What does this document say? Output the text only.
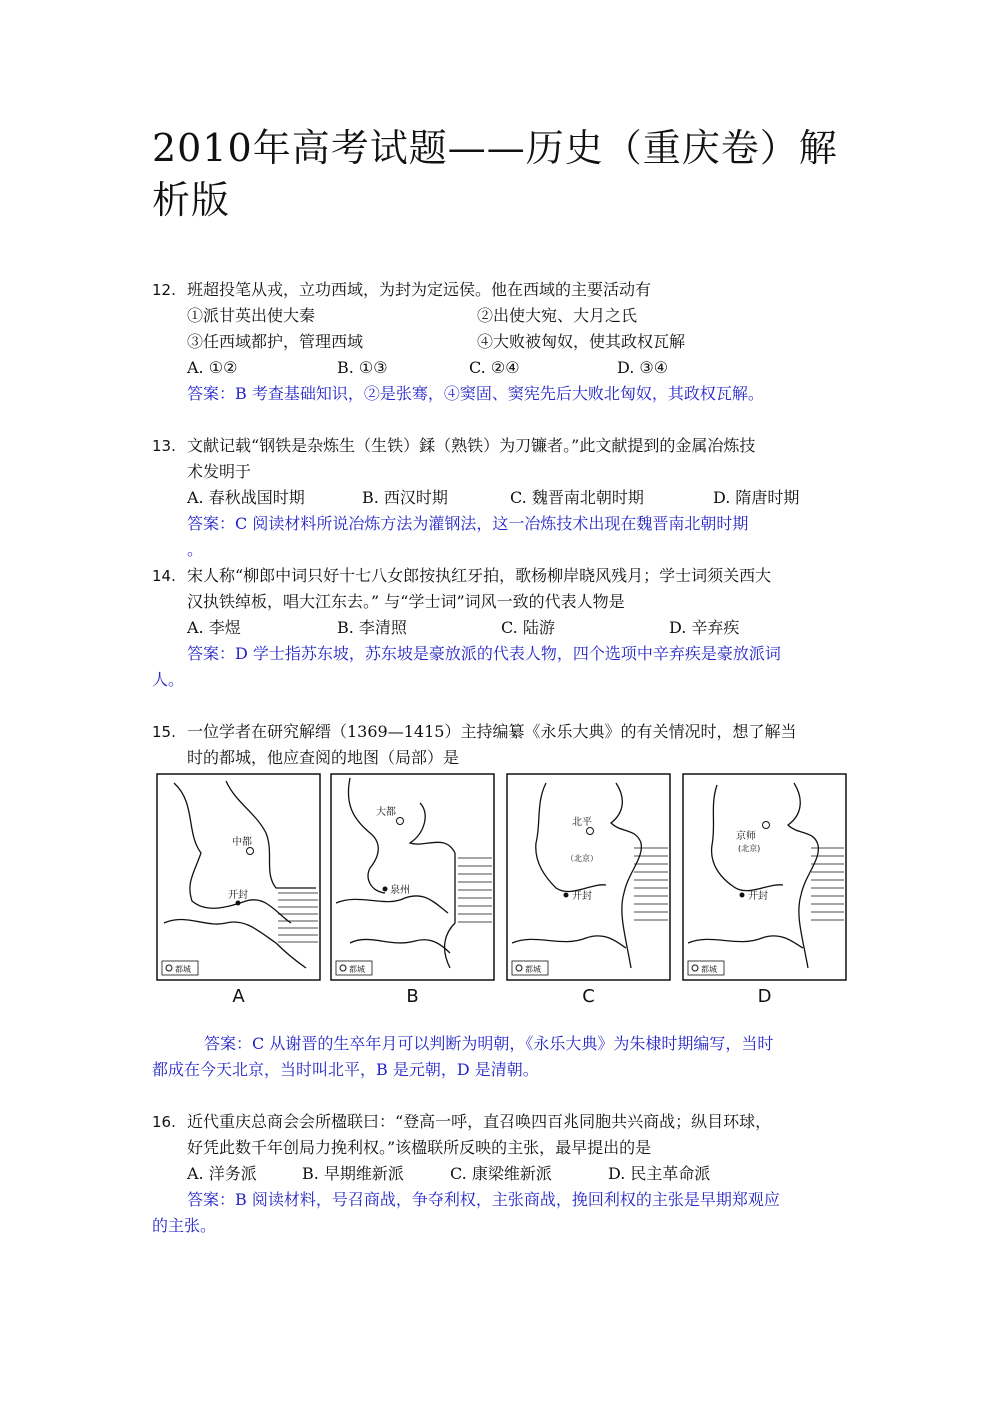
2010年高考试题——历史（重庆卷）解析版
12. 班超投笔从戎，立功西域，为封为定远侯。他在西域的主要活动有
①派甘英出使大秦	②出使大宛、大月之氏
③任西域都护，管理西域	④大败被匈奴，使其政权瓦解
A. ①②	B. ①③	C. ②④	D. ③④
答案：B 考查基础知识，②是张骞，④窦固、窦宪先后大败北匈奴，其政权瓦解。
13. 文献记载“钢铁是杂炼生（生铁）鍒（熟铁）为刀镰者。”此文献提到的金属冶炼技
术发明于
A. 春秋战国时期	B. 西汉时期	C. 魏晋南北朝时期	D. 隋唐时期
答案：C 阅读材料所说冶炼方法为灌钢法，这一冶炼技术出现在魏晋南北朝时期
。
14. 宋人称“柳郎中词只好十七八女郎按执红牙拍，歌杨柳岸晓风残月；学士词须关西大
汉执铁绰板，唱大江东去。” 与“学士词”词风一致的代表人物是
A. 李煜	B. 李清照	C. 陆游	D. 辛弃疾
答案：D 学士指苏东坡，苏东坡是豪放派的代表人物，四个选项中辛弃疾是豪放派词
人。
15. 一位学者在研究解缙（1369—1415）主持编纂《永乐大典》的有关情况时，想了解当
时的都城，他应查阅的地图（局部）是
中都
开封
都城
A
大都
泉州
都城
B
北平
（北京）
开封
都城
C
京师
(北京)
开封
都城
D
答案：C 从谢晋的生卒年月可以判断为明朝，《永乐大典》为朱棣时期编写，当时
都成在今天北京，当时叫北平，B 是元朝，D 是清朝。
16. 近代重庆总商会会所楹联曰：“登高一呼，直召唤四百兆同胞共兴商战；纵目环球，
好凭此数千年创局力挽利权。”该楹联所反映的主张，最早提出的是
A. 洋务派	B. 早期维新派	C. 康梁维新派	D. 民主革命派
答案：B 阅读材料，号召商战，争夺利权，主张商战，挽回利权的主张是早期郑观应
的主张。
